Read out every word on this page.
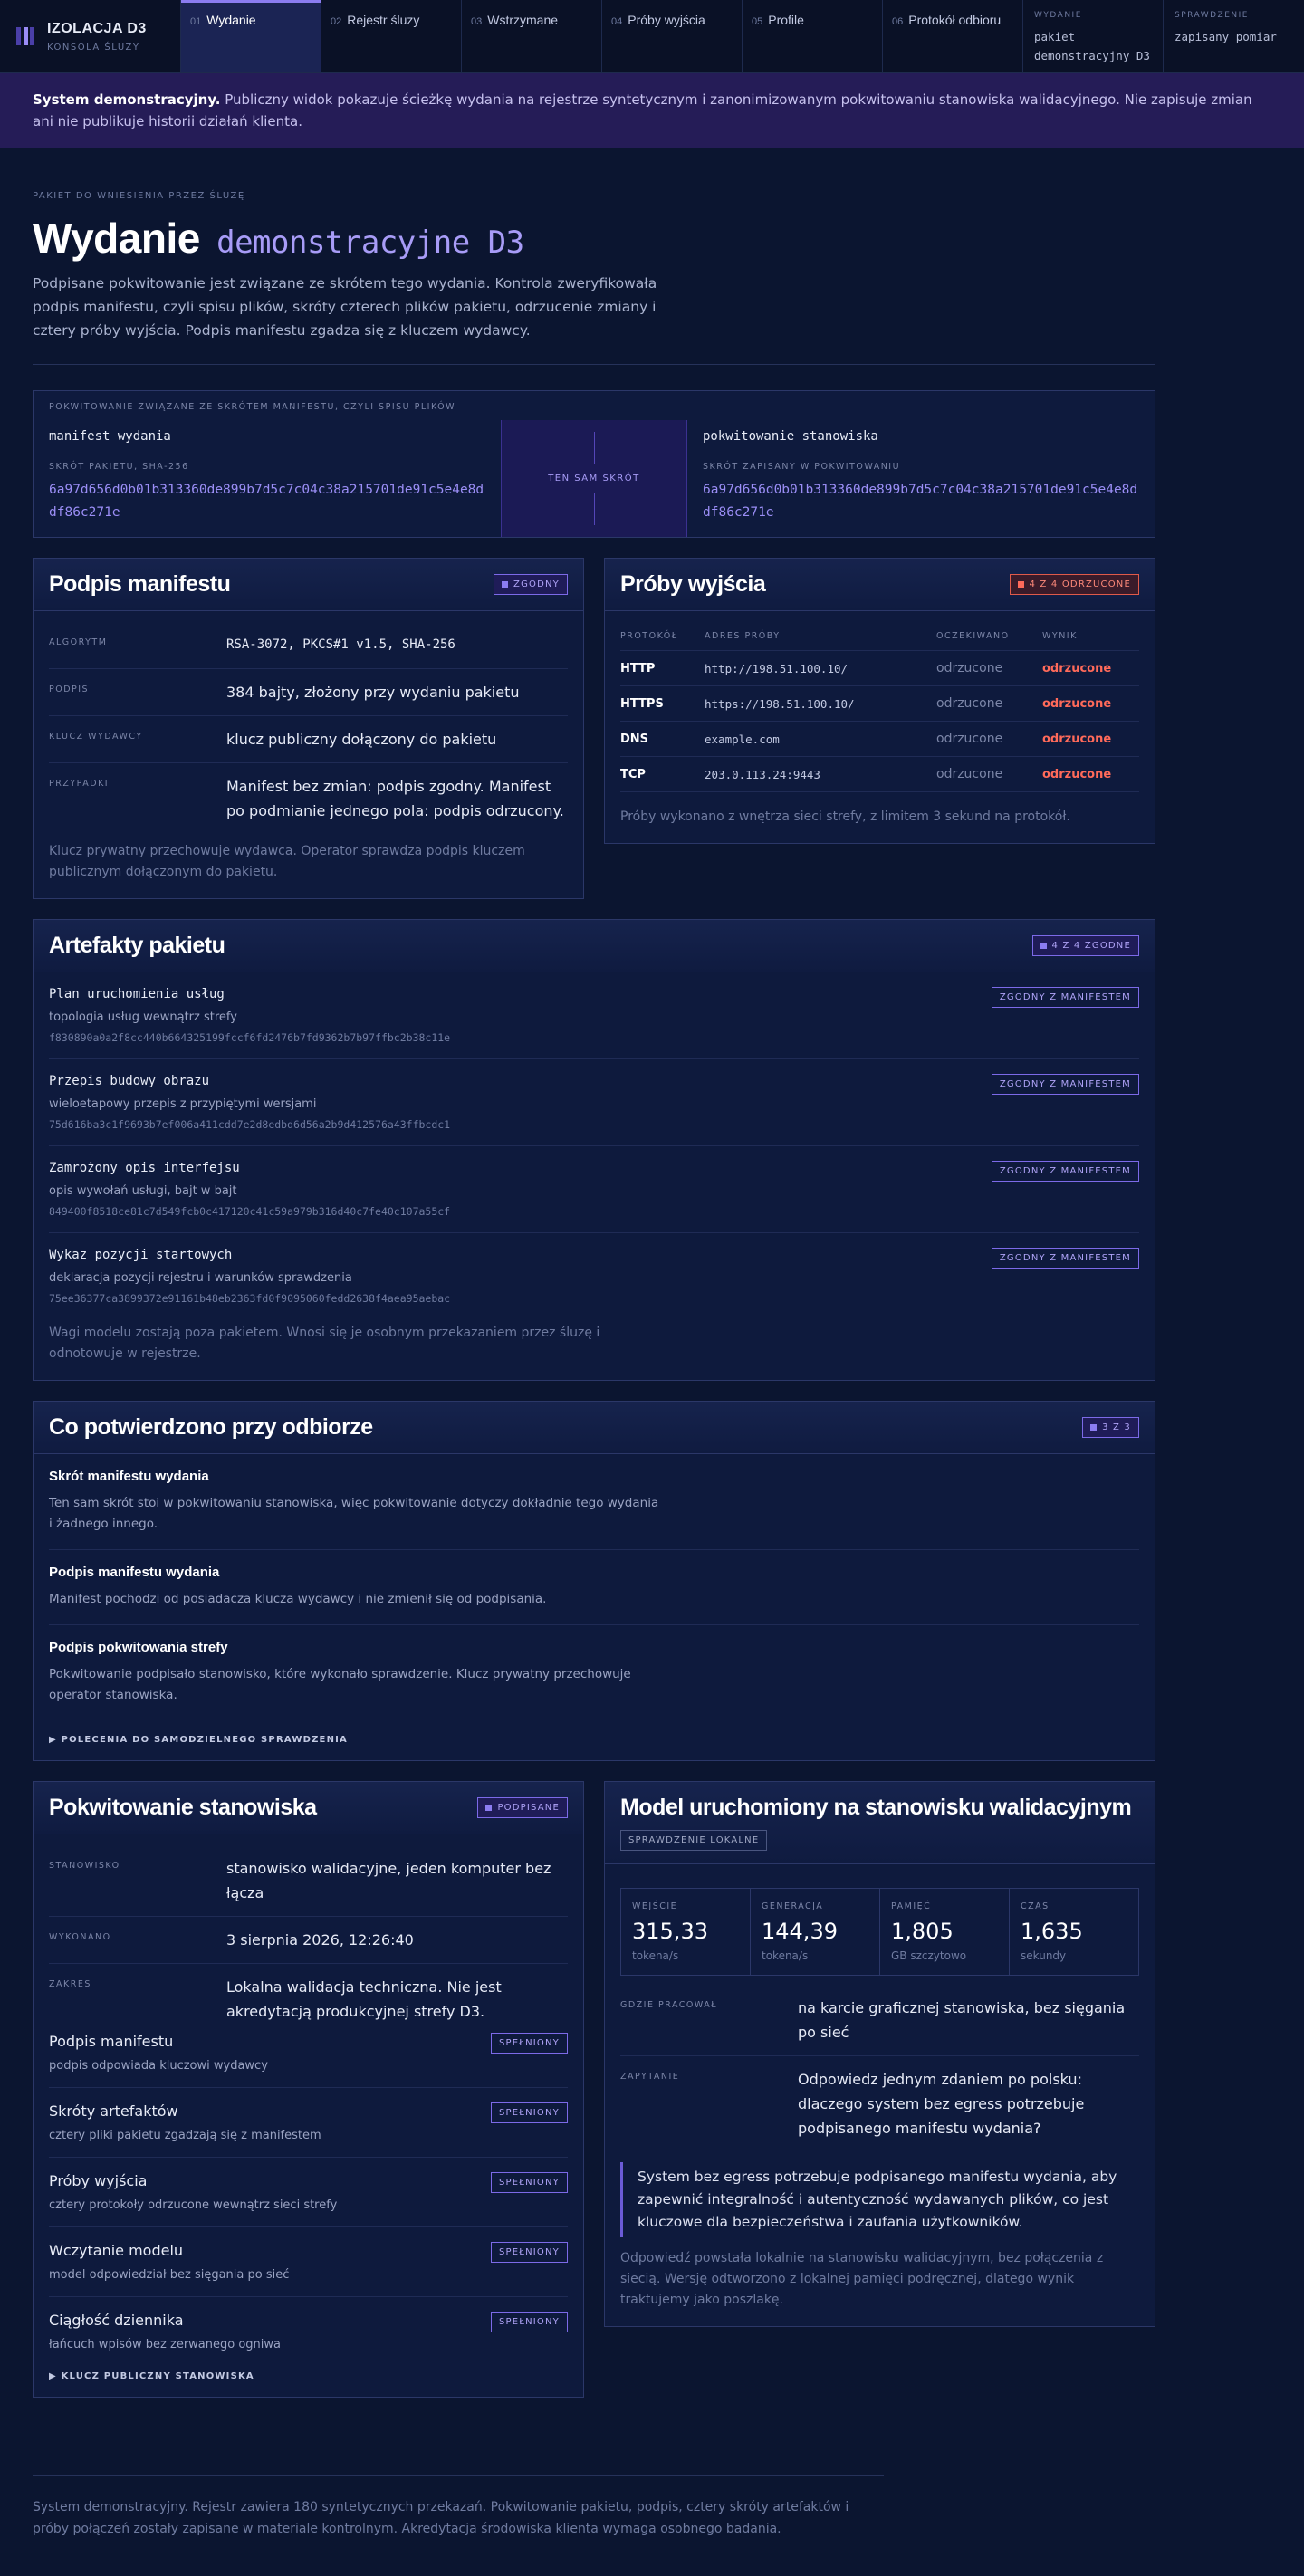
IZOLACJA D3
KONSOLA ŚLUZY
01 Wydanie	02 Rejestr śluzy	03 Wstrzymane	04 Próby wyjścia	05 Profile	06 Protokół odbioru	WYDANIE
pakiet demonstracyjny D3
SPRAWDZENIE
zapisany pomiar
System demonstracyjny. Publiczny widok pokazuje ścieżkę wydania na rejestrze syntetycznym i zanonimizowanym pokwitowaniu stanowiska walidacyjnego. Nie zapisuje zmian ani nie publikuje historii działań klienta.
PAKIET DO WNIESIENIA PRZEZ ŚLUZĘ
Wydanie demonstracyjne D3

Podpisane pokwitowanie jest związane ze skrótem tego wydania. Kontrola zweryfikowała podpis manifestu, czyli spisu plików, skróty czterech plików pakietu, odrzucenie zmiany i cztery próby wyjścia. Podpis manifestu zgadza się z kluczem wydawcy.

POKWITOWANIE ZWIĄZANE ZE SKRÓTEM MANIFESTU, CZYLI SPISU PLIKÓW
manifest wydania
SKRÓT PAKIETU, SHA-256
6a97d656d0b01b313360de899b7d5c7c04c38a215701de91c5e4e8ddf86c271e
TEN SAM SKRÓT
pokwitowanie stanowiska
SKRÓT ZAPISANY W POKWITOWANIU
6a97d656d0b01b313360de899b7d5c7c04c38a215701de91c5e4e8ddf86c271e
Podpis manifestu	ZGODNY
ALGORYTM	RSA-3072, PKCS#1 v1.5, SHA-256
PODPIS	384 bajty, złożony przy wydaniu pakietu
KLUCZ WYDAWCY	klucz publiczny dołączony do pakietu
PRZYPADKI	Manifest bez zmian: podpis zgodny. Manifest po podmianie jednego pola: podpis odrzucony.

Klucz prywatny przechowuje wydawca. Operator sprawdza podpis kluczem publicznym dołączonym do pakietu.

Próby wyjścia	4 Z 4 ODRZUCONE
PROTOKÓŁ	ADRES PRÓBY	OCZEKIWANO	WYNIK
HTTP	http://198.51.100.10/	odrzucone	odrzucone
HTTPS	https://198.51.100.10/	odrzucone	odrzucone
DNS	example.com	odrzucone	odrzucone
TCP	203.0.113.24:9443	odrzucone	odrzucone

Próby wykonano z wnętrza sieci strefy, z limitem 3 sekund na protokół.

Artefakty pakietu	4 Z 4 ZGODNE
Plan uruchomienia usług
topologia usług wewnątrz strefy
f830890a0a2f8cc440b664325199fccf6fd2476b7fd9362b7b97ffbc2b38c11e
ZGODNY Z MANIFESTEM
Przepis budowy obrazu
wieloetapowy przepis z przypiętymi wersjami
75d616ba3c1f9693b7ef006a411cdd7e2d8edbd6d56a2b9d412576a43ffbcdc1
ZGODNY Z MANIFESTEM
Zamrożony opis interfejsu
opis wywołań usługi, bajt w bajt
849400f8518ce81c7d549fcb0c417120c41c59a979b316d40c7fe40c107a55cf
ZGODNY Z MANIFESTEM
Wykaz pozycji startowych
deklaracja pozycji rejestru i warunków sprawdzenia
75ee36377ca3899372e91161b48eb2363fd0f9095060fedd2638f4aea95aebac
ZGODNY Z MANIFESTEM

Wagi modelu zostają poza pakietem. Wnosi się je osobnym przekazaniem przez śluzę i odnotowuje w rejestrze.

Co potwierdzono przy odbiorze	3 Z 3
Skrót manifestu wydania

Ten sam skrót stoi w pokwitowaniu stanowiska, więc pokwitowanie dotyczy dokładnie tego wydania i żadnego innego.

Podpis manifestu wydania

Manifest pochodzi od posiadacza klucza wydawcy i nie zmienił się od podpisania.

Podpis pokwitowania strefy

Pokwitowanie podpisało stanowisko, które wykonało sprawdzenie. Klucz prywatny przechowuje operator stanowiska.

▶ POLECENIA DO SAMODZIELNEGO SPRAWDZENIA
Pokwitowanie stanowiska	PODPISANE
STANOWISKO	stanowisko walidacyjne, jeden komputer bez łącza
WYKONANO	3 sierpnia 2026, 12:26:40
ZAKRES	Lokalna walidacja techniczna. Nie jest akredytacją produkcyjnej strefy D3.
Podpis manifestu

podpis odpowiada kluczowi wydawcy

SPEŁNIONY
Skróty artefaktów

cztery pliki pakietu zgadzają się z manifestem

SPEŁNIONY
Próby wyjścia

cztery protokoły odrzucone wewnątrz sieci strefy

SPEŁNIONY
Wczytanie modelu

model odpowiedział bez sięgania po sieć

SPEŁNIONY
Ciągłość dziennika

łańcuch wpisów bez zerwanego ogniwa

SPEŁNIONY
▶ KLUCZ PUBLICZNY STANOWISKA
Model uruchomiony na stanowisku walidacyjnym
SPRAWDZENIE LOKALNE
WEJŚCIE
315,33
tokena/s
GENERACJA
144,39
tokena/s
PAMIĘĆ
1,805
GB szczytowo
CZAS
1,635
sekundy
GDZIE PRACOWAŁ	na karcie graficznej stanowiska, bez sięgania po sieć
ZAPYTANIE	Odpowiedz jednym zdaniem po polsku: dlaczego system bez egress potrzebuje podpisanego manifestu wydania?
System bez egress potrzebuje podpisanego manifestu wydania, aby zapewnić integralność i autentyczność wydawanych plików, co jest kluczowe dla bezpieczeństwa i zaufania użytkowników.

Odpowiedź powstała lokalnie na stanowisku walidacyjnym, bez połączenia z siecią. Wersję odtworzono z lokalnej pamięci podręcznej, dlatego wynik traktujemy jako poszlakę.

System demonstracyjny. Rejestr zawiera 180 syntetycznych przekazań. Pokwitowanie pakietu, podpis, cztery skróty artefaktów i próby połączeń zostały zapisane w materiale kontrolnym. Akredytacja środowiska klienta wymaga osobnego badania.
